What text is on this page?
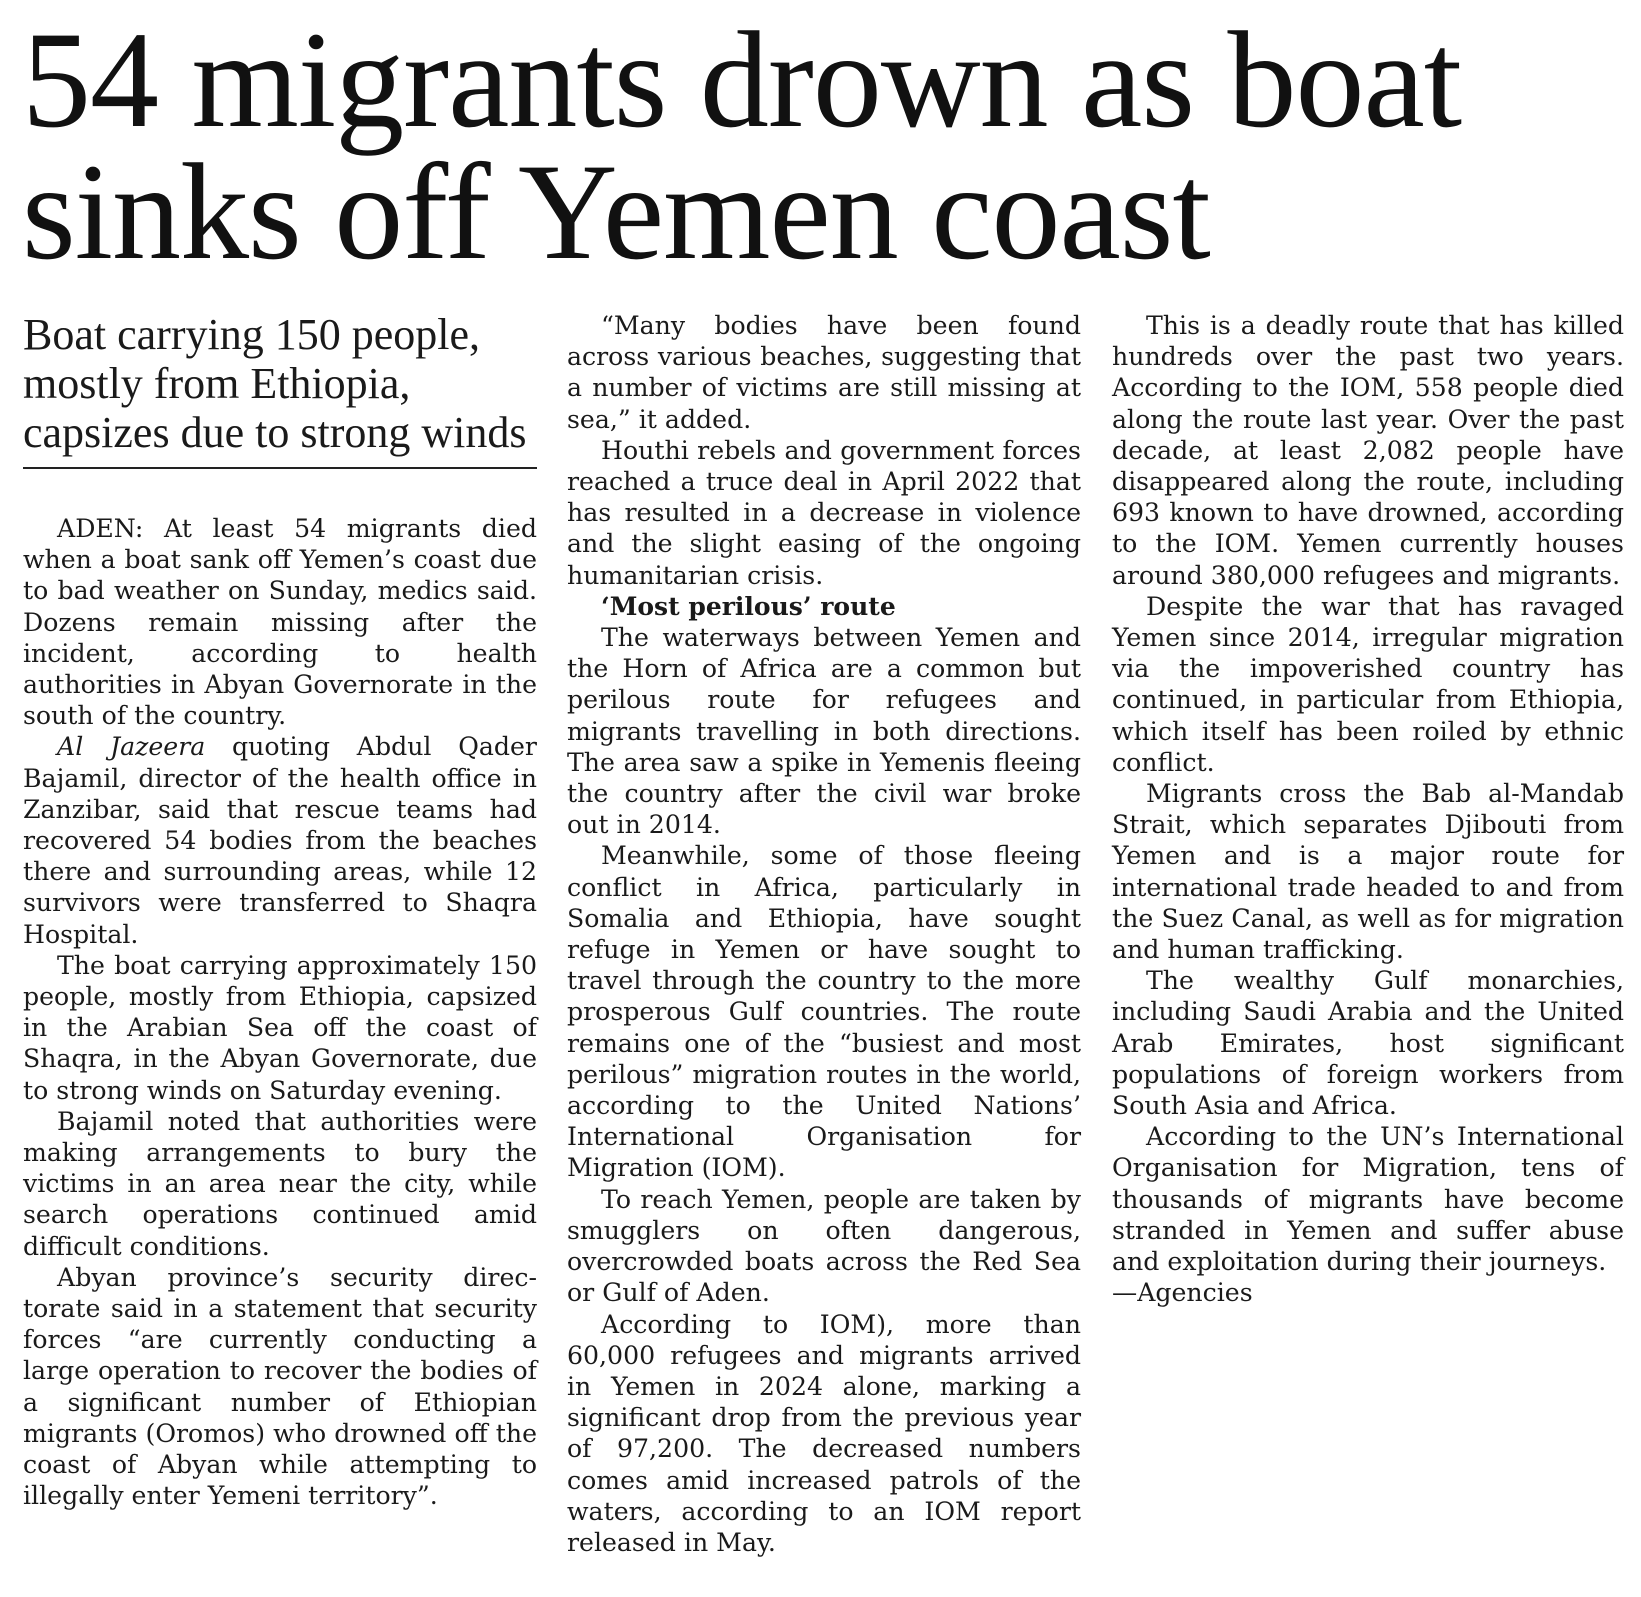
54 migrants drown as boat sinks off Yemen coast
Boat carrying 150 people, mostly from Ethiopia, capsizes due to strong winds

ADEN: At least 54 migrants died when a boat sank off Yemen’s coast due to bad weather on Sunday, medics said. Dozens remain missing after the incident, according to health authorities in Abyan Governorate in the south of the country.

Al Jazeera quoting Abdul Qader Bajamil, director of the health office in Zanzibar, said that rescue teams had recovered 54 bodies from the beaches there and surrounding areas, while 12 survivors were transferred to Shaqra Hospital.

The boat carrying approximately 150 people, mostly from Ethiopia, capsized in the Arabian Sea off the coast of Shaqra, in the Abyan Governorate, due to strong winds on Saturday evening.

Bajamil noted that authorities were making arrangements to bury the victims in an area near the city, while search operations continued amid difficult conditions.

Abyan province’s security directorate said in a statement that security forces “are currently conducting a large operation to recover the bodies of a significant number of Ethiopian migrants (Oromos) who drowned off the coast of Abyan while attempting to illegally enter Yemeni territory”.

“Many bodies have been found across various beaches, suggesting that a number of victims are still missing at sea,” it added.

Houthi rebels and government forces reached a truce deal in April 2022 that has resulted in a decrease in violence and the slight easing of the ongoing humanitarian crisis.

‘Most perilous’ route

The waterways between Yemen and the Horn of Africa are a common but perilous route for refugees and migrants travelling in both directions. The area saw a spike in Yemenis fleeing the country after the civil war broke out in 2014.

Meanwhile, some of those fleeing conflict in Africa, particularly in Somalia and Ethiopia, have sought refuge in Yemen or have sought to travel through the country to the more prosperous Gulf countries. The route remains one of the “busiest and most perilous” migration routes in the world, according to the United Nations’ International Organisation for Migration (IOM).

To reach Yemen, people are taken by smugglers on often dangerous, overcrowded boats across the Red Sea or Gulf of Aden.

According to IOM), more than 60,000 refugees and migrants arrived in Yemen in 2024 alone, marking a significant drop from the previous year of 97,200. The decreased numbers comes amid increased patrols of the waters, according to an IOM report released in May.

This is a deadly route that has killed hundreds over the past two years. According to the IOM, 558 people died along the route last year. Over the past decade, at least 2,082 people have disappeared along the route, including 693 known to have drowned, according to the IOM. Yemen currently houses around 380,000 refugees and migrants.

Despite the war that has ravaged Yemen since 2014, irregular migration via the impoverished country has continued, in particular from Ethiopia, which itself has been roiled by ethnic conflict.

Migrants cross the Bab al-Mandab Strait, which separates Djibouti from Yemen and is a major route for international trade headed to and from the Suez Canal, as well as for migration and human trafficking.

The wealthy Gulf monarchies, including Saudi Arabia and the United Arab Emirates, host significant populations of foreign workers from South Asia and Africa.

According to the UN’s International Organisation for Migration, tens of thousands of migrants have become stranded in Yemen and suffer abuse and exploitation during their journeys.

—Agencies
